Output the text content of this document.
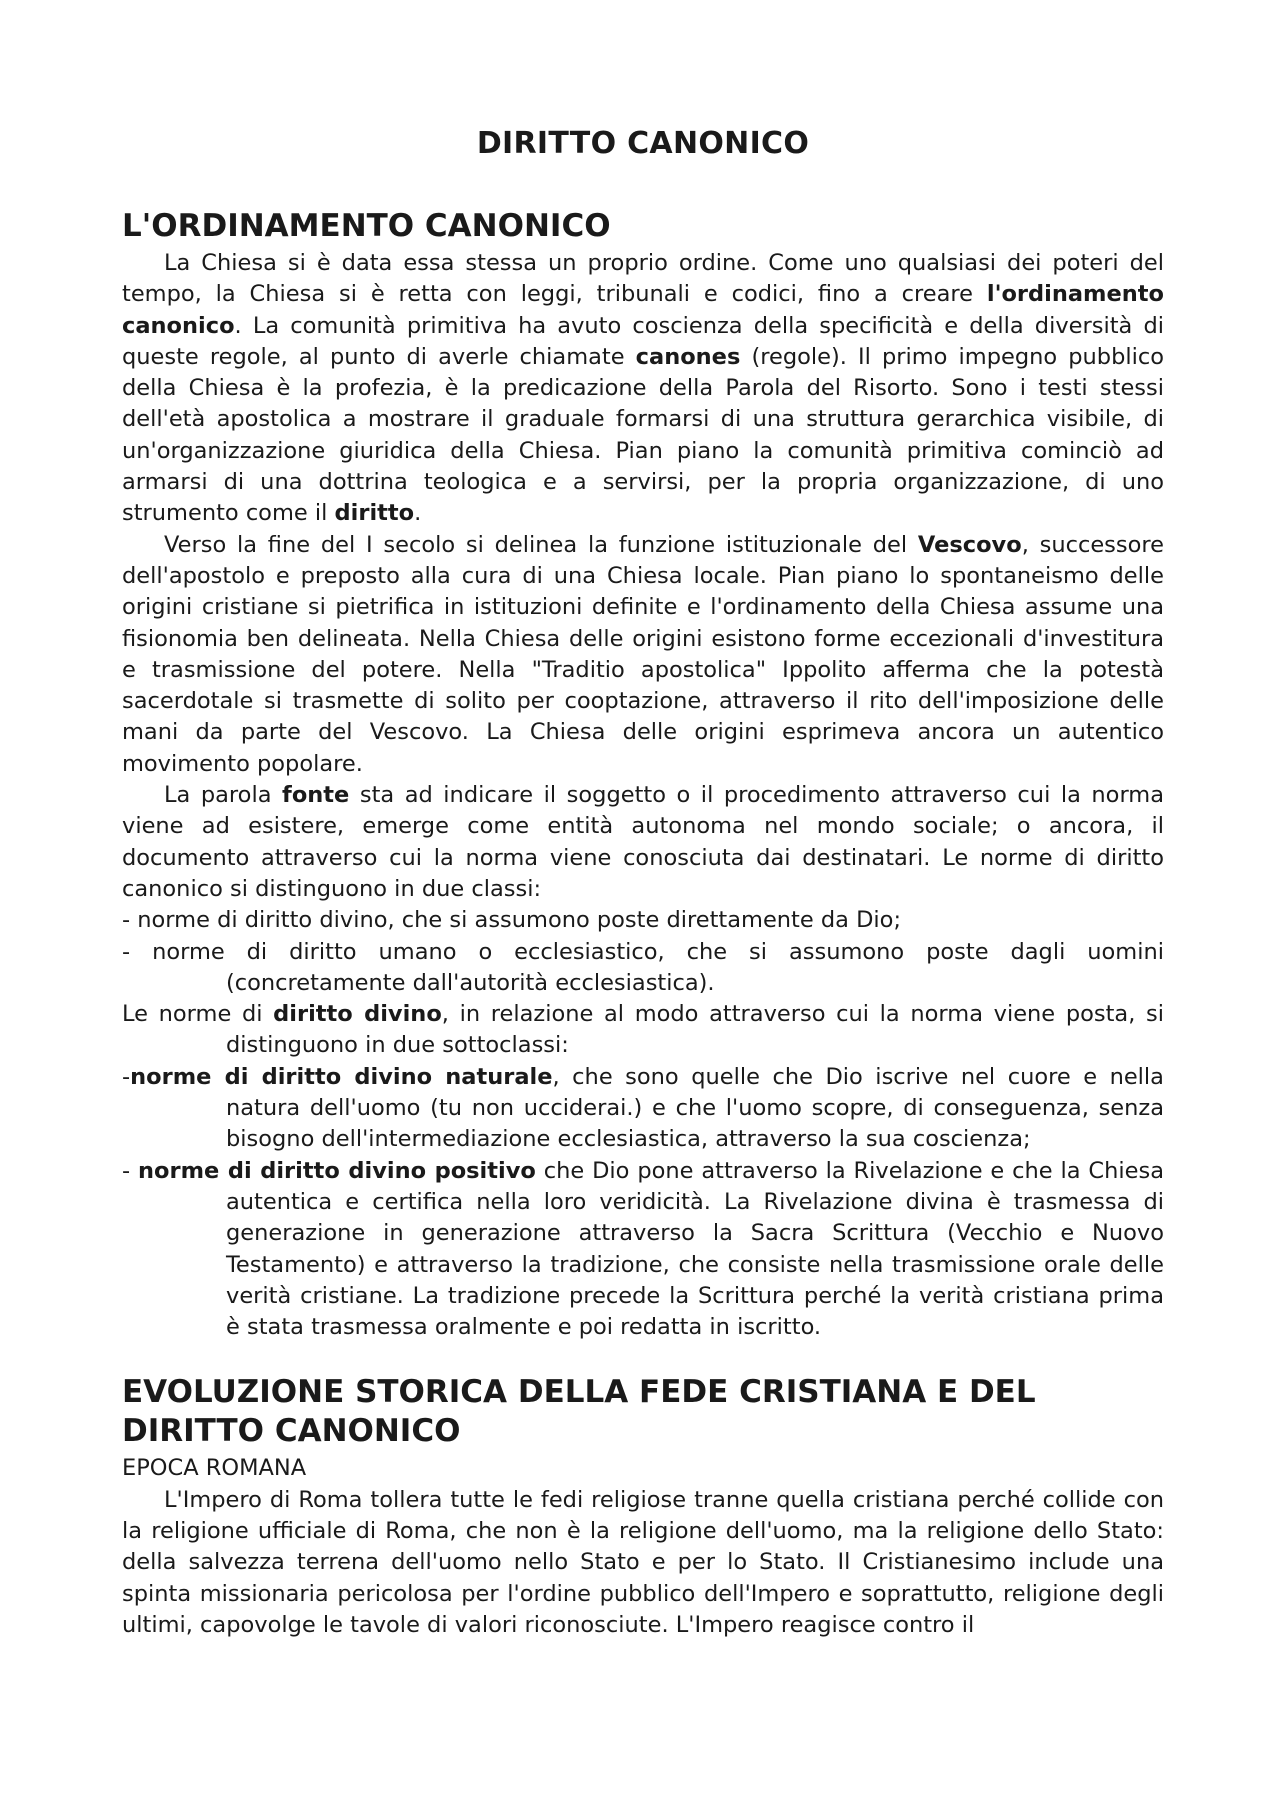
DIRITTO CANONICO
L'ORDINAMENTO CANONICO

La Chiesa si è data essa stessa un proprio ordine. Come uno qualsiasi dei poteri del tempo, la Chiesa si è retta con leggi, tribunali e codici, fino a creare l'ordinamento canonico. La comunità primitiva ha avuto coscienza della specificità e della diversità di queste regole, al punto di averle chiamate canones (regole). Il primo impegno pubblico della Chiesa è la profezia, è la predicazione della Parola del Risorto. Sono i testi stessi dell'età apostolica a mostrare il graduale formarsi di una struttura gerarchica visibile, di un'organizzazione giuridica della Chiesa. Pian piano la comunità primitiva cominciò ad armarsi di una dottrina teologica e a servirsi, per la propria organizzazione, di uno strumento come il diritto.

Verso la fine del I secolo si delinea la funzione istituzionale del Vescovo, successore dell'apostolo e preposto alla cura di una Chiesa locale. Pian piano lo spontaneismo delle origini cristiane si pietrifica in istituzioni definite e l'ordinamento della Chiesa assume una fisionomia ben delineata. Nella Chiesa delle origini esistono forme eccezionali d'investitura e trasmissione del potere. Nella "Traditio apostolica" Ippolito afferma che la potestà sacerdotale si trasmette di solito per cooptazione, attraverso il rito dell'imposizione delle mani da parte del Vescovo. La Chiesa delle origini esprimeva ancora un autentico movimento popolare.

La parola fonte sta ad indicare il soggetto o il procedimento attraverso cui la norma viene ad esistere, emerge come entità autonoma nel mondo sociale; o ancora, il documento attraverso cui la norma viene conosciuta dai destinatari. Le norme di diritto canonico si distinguono in due classi:

- norme di diritto divino, che si assumono poste direttamente da Dio;

- norme di diritto umano o ecclesiastico, che si assumono poste dagli uomini (concretamente dall'autorità ecclesiastica).

Le norme di diritto divino, in relazione al modo attraverso cui la norma viene posta, si distinguono in due sottoclassi:

-norme di diritto divino naturale, che sono quelle che Dio iscrive nel cuore e nella natura dell'uomo (tu non ucciderai.) e che l'uomo scopre, di conseguenza, senza bisogno dell'intermediazione ecclesiastica, attraverso la sua coscienza;

- norme di diritto divino positivo che Dio pone attraverso la Rivelazione e che la Chiesa autentica e certifica nella loro veridicità. La Rivelazione divina è trasmessa di generazione in generazione attraverso la Sacra Scrittura (Vecchio e Nuovo Testamento) e attraverso la tradizione, che consiste nella trasmissione orale delle verità cristiane. La tradizione precede la Scrittura perché la verità cristiana prima è stata trasmessa oralmente e poi redatta in iscritto.

EVOLUZIONE STORICA DELLA FEDE CRISTIANA E DEL DIRITTO CANONICO

EPOCA ROMANA

L'Impero di Roma tollera tutte le fedi religiose tranne quella cristiana perché collide con la religione ufficiale di Roma, che non è la religione dell'uomo, ma la religione dello Stato: della salvezza terrena dell'uomo nello Stato e per lo Stato. Il Cristianesimo include una spinta missionaria pericolosa per l'ordine pubblico dell'Impero e soprattutto, religione degli ultimi, capovolge le tavole di valori riconosciute. L'Impero reagisce contro il
